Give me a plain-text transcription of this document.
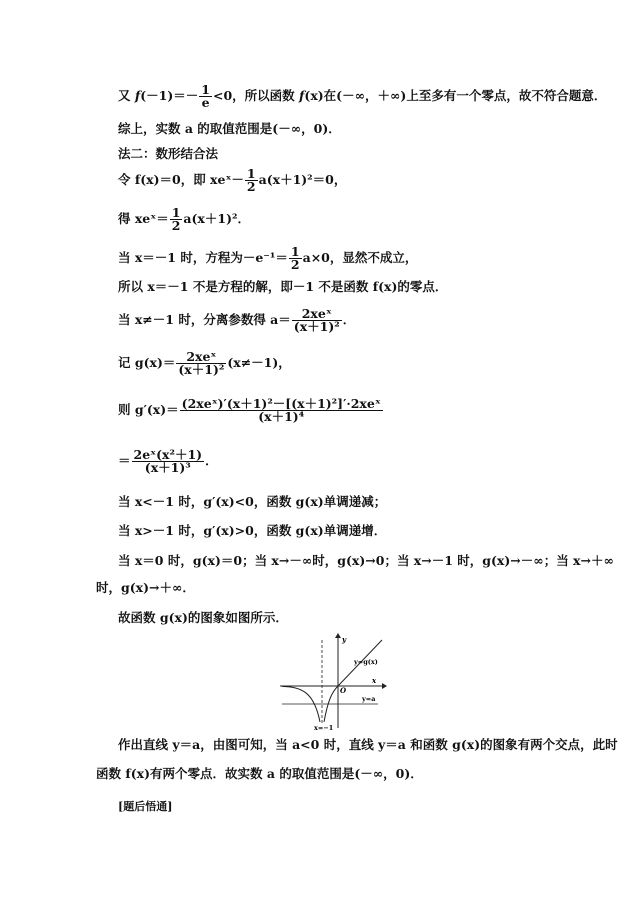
又 $f(-1)=- \frac{1}{e} <0$，所以函数 f(x)在(－∞，＋∞)上至多有一个零点，故不符合题意．
综上，实数 a 的取值范围是(－∞，0)．
法二：数形结合法
令 f(x)＝0，即 xeˣ－ $\frac{1}{2} a(x+1)^2=0$，
得 xeˣ＝ $\frac{1}{2} a(x+1)^2$．
当 x＝－1 时，方程为$-e^{-1}= \frac{1}{2} a\times 0$，显然不成立，
所以 x＝－1 不是方程的解，即－1 不是函数 f(x)的零点．
当 x≠－1 时，分离参数得 $a= \frac{\text{2xeˣ}}{\text{(x＋1)²}}$ ．
记 $g(x)= \frac{\text{2xeˣ}}{\text{(x＋1)²}} (x\ne-1)$，
则 $g'(x)= \frac{\text{(2xeˣ)′(x＋1)²－[(x＋1)²]′·2xeˣ}}{\text{(x＋1)⁴}}$
＝ $\frac{\text{2eˣ(x²＋1)}}{\text{(x＋1)³}}$ ．
当 x<－1 时，g′(x)<0，函数 g(x)单调递减；
当 x>－1 时，g′(x)>0，函数 g(x)单调递增．
当 x＝0 时，g(x)＝0；当 x→－∞时，g(x)→0；当 x→－1 时，g(x)→－∞；当 x→＋∞
时，g(x)→＋∞．
故函数 g(x)的图象如图所示．
y
x
O
y=g(x)
y=a
x=−1
作出直线 y＝a，由图可知，当 a<0 时，直线 y＝a 和函数 g(x)的图象有两个交点，此时
函数 f(x)有两个零点．故实数 a 的取值范围是(－∞，0)．
[题后悟通]
